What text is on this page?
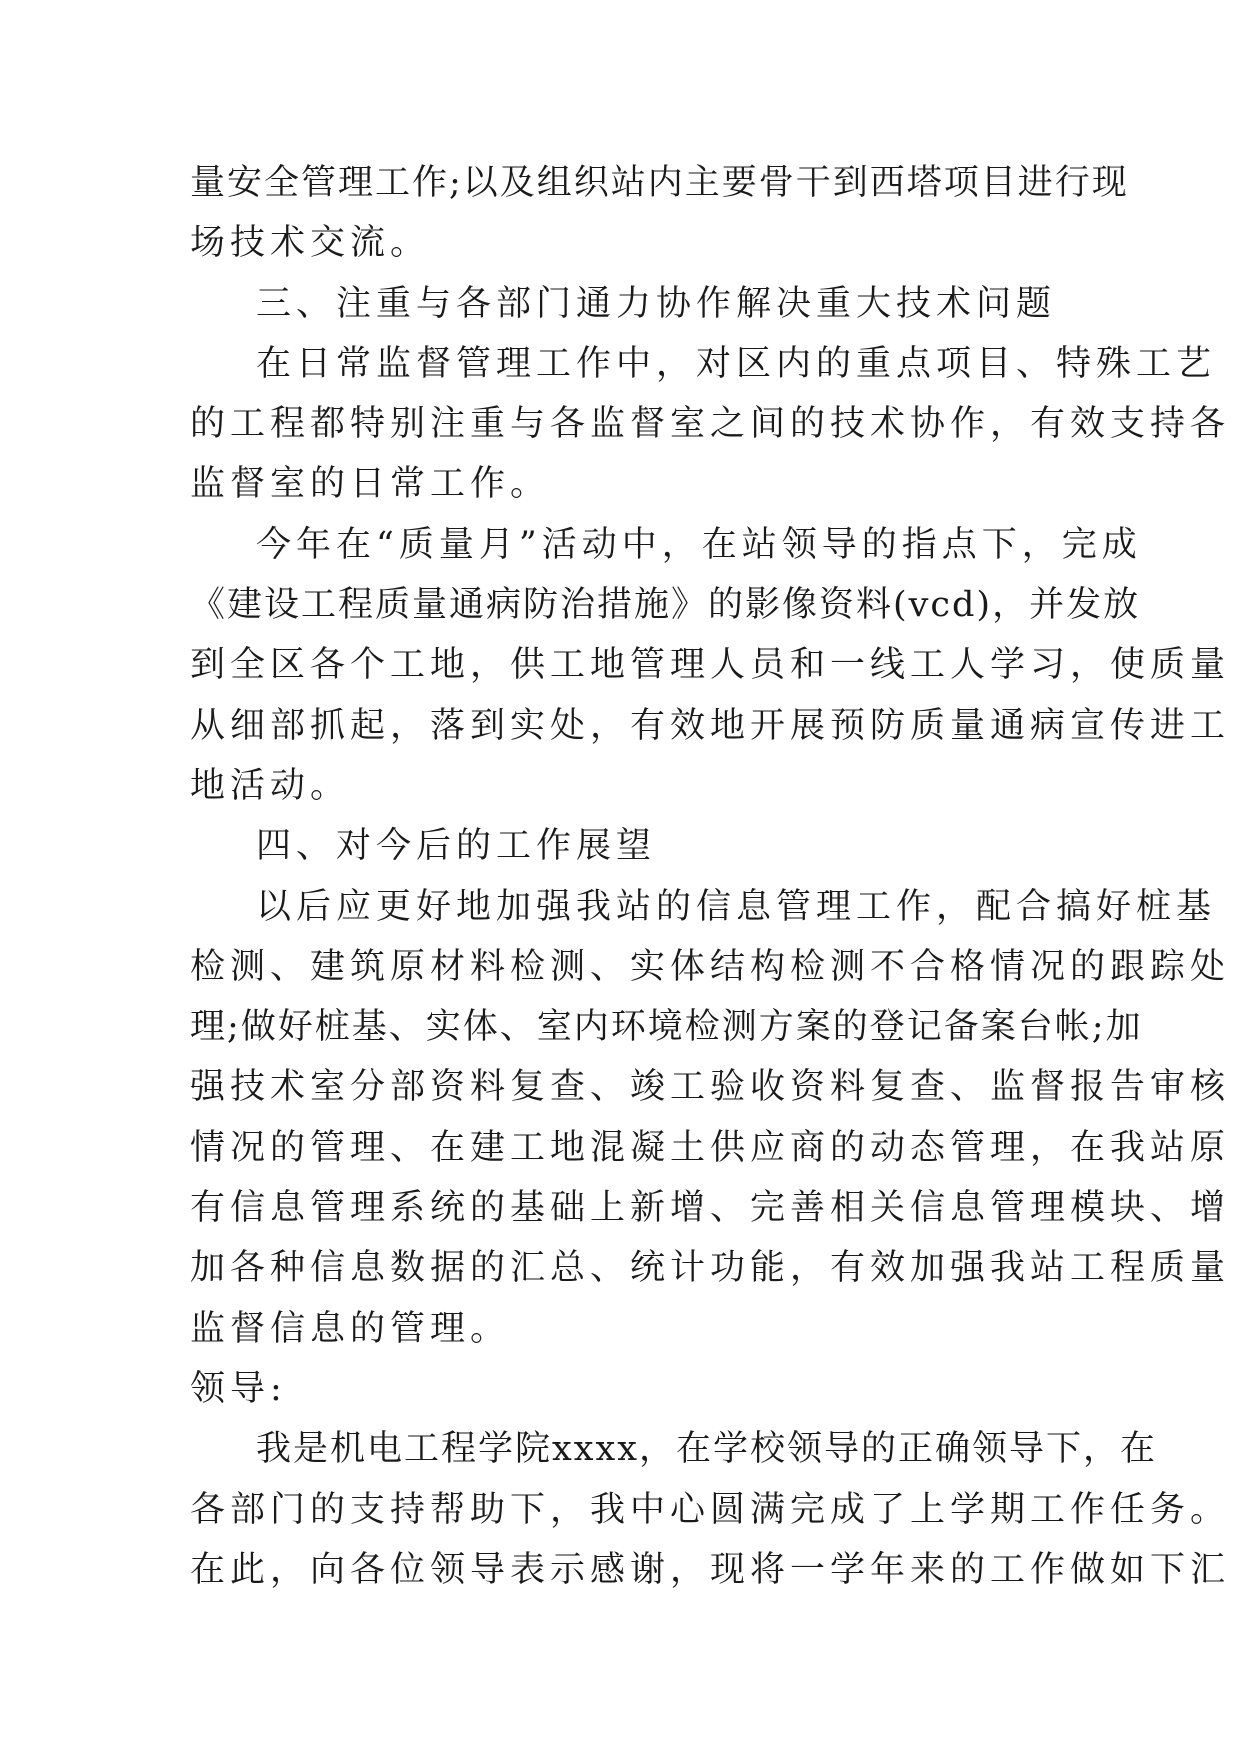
量安全管理工作;以及组织站内主要骨干到西塔项目进行现
场技术交流。
三、注重与各部门通力协作解决重大技术问题
在日常监督管理工作中，对区内的重点项目、特殊工艺
的工程都特别注重与各监督室之间的技术协作，有效支持各
监督室的日常工作。
今年在“质量月”活动中，在站领导的指点下，完成
《建设工程质量通病防治措施》的影像资料(vcd)，并发放
到全区各个工地，供工地管理人员和一线工人学习，使质量
从细部抓起，落到实处，有效地开展预防质量通病宣传进工
地活动。
四、对今后的工作展望
以后应更好地加强我站的信息管理工作，配合搞好桩基
检测、建筑原材料检测、实体结构检测不合格情况的跟踪处
理;做好桩基、实体、室内环境检测方案的登记备案台帐;加
强技术室分部资料复查、竣工验收资料复查、监督报告审核
情况的管理、在建工地混凝土供应商的动态管理，在我站原
有信息管理系统的基础上新增、完善相关信息管理模块、增
加各种信息数据的汇总、统计功能，有效加强我站工程质量
监督信息的管理。
领导:
我是机电工程学院xxxx，在学校领导的正确领导下，在
各部门的支持帮助下，我中心圆满完成了上学期工作任务。
在此，向各位领导表示感谢，现将一学年来的工作做如下汇
